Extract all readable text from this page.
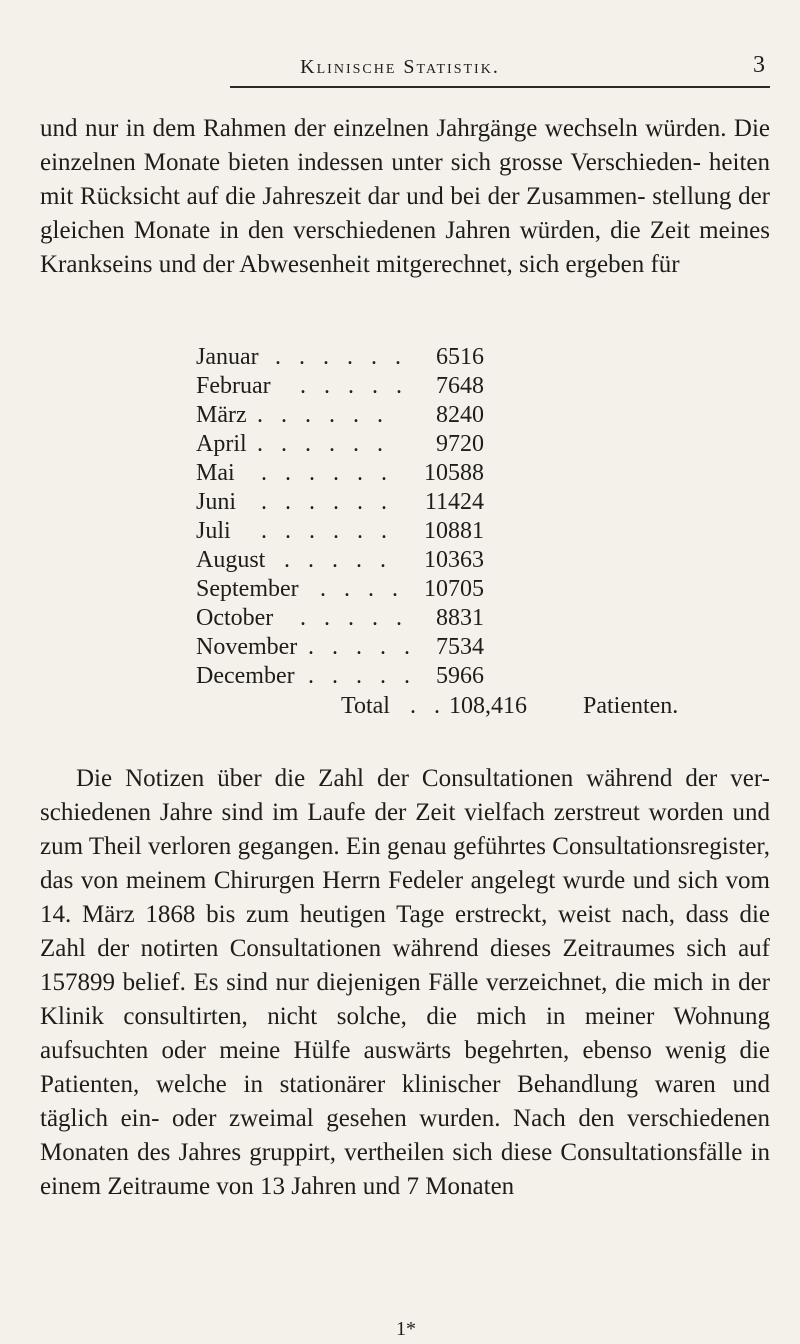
Klinische Statistik.	3

und nur in dem Rahmen der einzelnen Jahrgänge wechseln würden. Die einzelnen Monate bieten indessen unter sich grosse Verschieden- heiten mit Rücksicht auf die Jahreszeit dar und bei der Zusammen- stellung der gleichen Monate in den verschiedenen Jahren würden, die Zeit meines Krankseins und der Abwesenheit mitgerechnet, sich ergeben für

Januar . . . . . . 6516
Februar . . . . . 7648
März . . . . . . 8240
April . . . . . . 9720
Mai . . . . . . 10588
Juni . . . . . . 11424
Juli . . . . . . 10881
August . . . . . 10363
September . . . . 10705
October . . . . . 8831
November . . . . . 7534
December . . . . . 5966
Total . . 108,416 Patienten.

Die Notizen über die Zahl der Consultationen während der ver- schiedenen Jahre sind im Laufe der Zeit vielfach zerstreut worden und zum Theil verloren gegangen. Ein genau geführtes Consultationsregister, das von meinem Chirurgen Herrn Fedeler angelegt wurde und sich vom 14. März 1868 bis zum heutigen Tage erstreckt, weist nach, dass die Zahl der notirten Consultationen während dieses Zeitraumes sich auf 157899 belief. Es sind nur diejenigen Fälle verzeichnet, die mich in der Klinik consultirten, nicht solche, die mich in meiner Wohnung aufsuchten oder meine Hülfe auswärts begehrten, ebenso wenig die Patienten, welche in stationärer klinischer Behandlung waren und täglich ein- oder zweimal gesehen wurden. Nach den verschiedenen Monaten des Jahres gruppirt, vertheilen sich diese Consultationsfälle in einem Zeitraume von 13 Jahren und 7 Monaten

1*
